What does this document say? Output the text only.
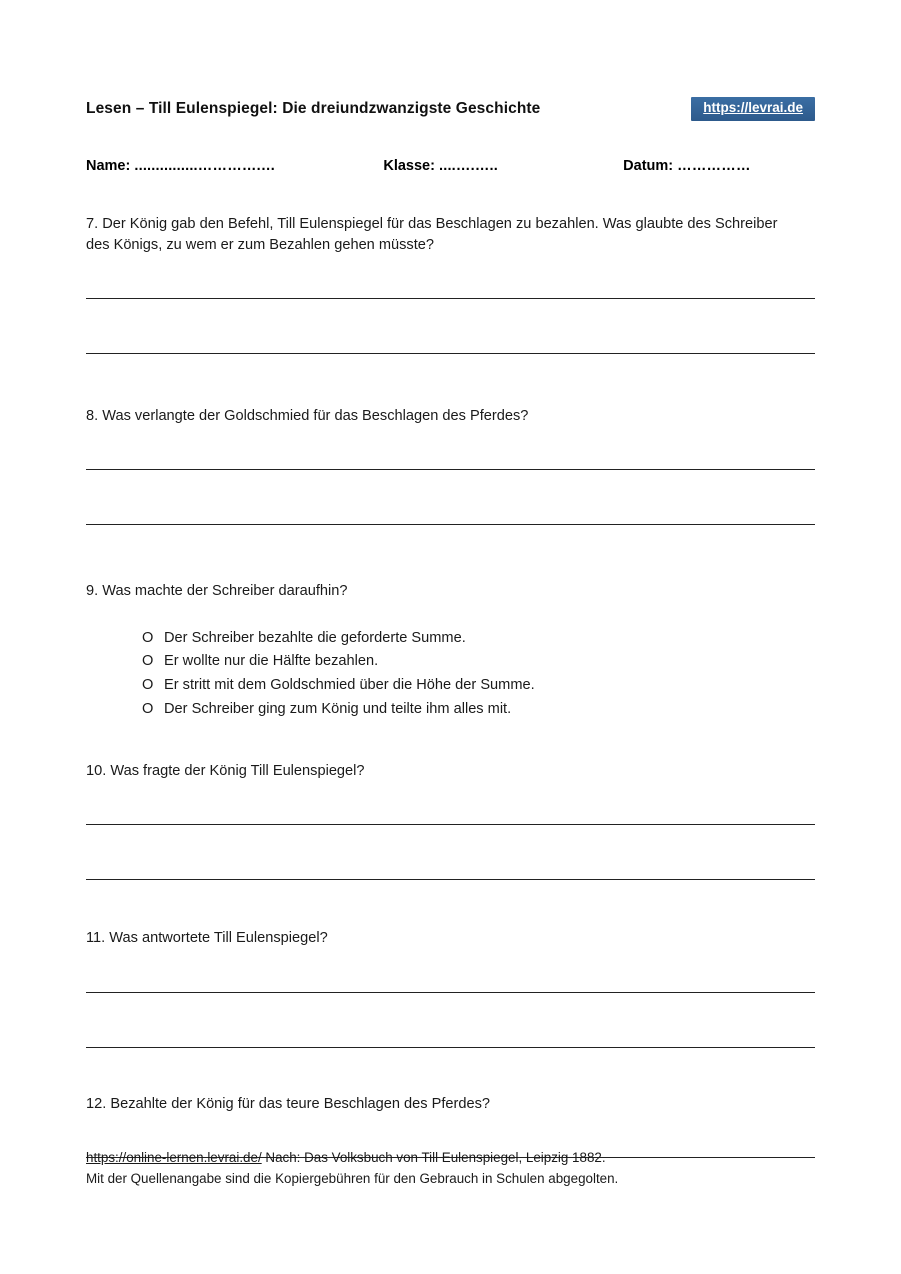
Lesen – Till Eulenspiegel: Die dreiundzwanzigste Geschichte	https://levrai.de
Name: ...............………….…	Klasse: ....….…..	Datum: ……………

7. Der König gab den Befehl, Till Eulenspiegel für das Beschlagen zu bezahlen. Was glaubte des Schreiber des Königs, zu wem er zum Bezahlen gehen müsste?

8. Was verlangte der Goldschmied für das Beschlagen des Pferdes?

9. Was machte der Schreiber daraufhin?

O Der Schreiber bezahlte die geforderte Summe.
O Er wollte nur die Hälfte bezahlen.
O Er stritt mit dem Goldschmied über die Höhe der Summe.
O Der Schreiber ging zum König und teilte ihm alles mit.

10. Was fragte der König Till Eulenspiegel?

11. Was antwortete Till Eulenspiegel?

12. Bezahlte der König für das teure Beschlagen des Pferdes?

https://online-lernen.levrai.de/ Nach: Das Volksbuch von Till Eulenspiegel, Leipzig 1882.
Mit der Quellenangabe sind die Kopiergebühren für den Gebrauch in Schulen abgegolten.
